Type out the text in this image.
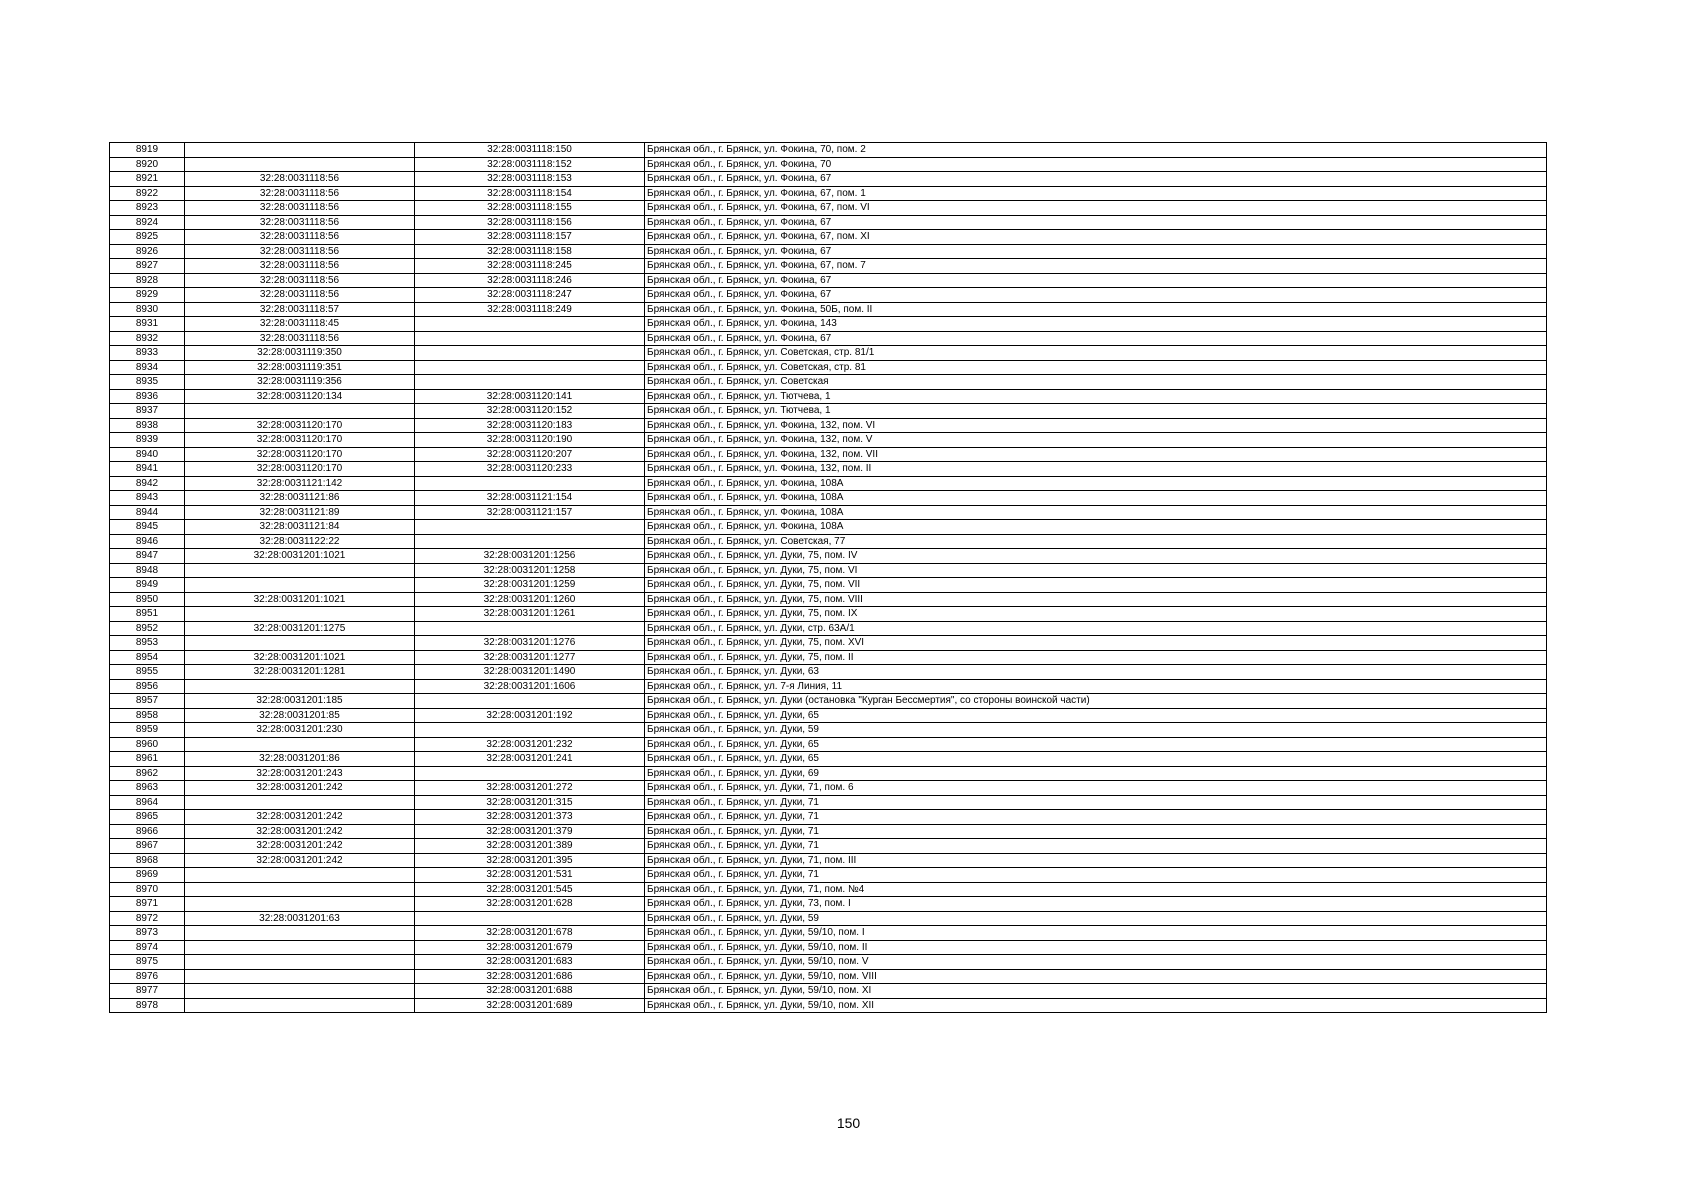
8919		32:28:0031118:150	Брянская обл., г. Брянск, ул. Фокина, 70, пом. 2
8920		32:28:0031118:152	Брянская обл., г. Брянск, ул. Фокина, 70
8921	32:28:0031118:56	32:28:0031118:153	Брянская обл., г. Брянск, ул. Фокина, 67
8922	32:28:0031118:56	32:28:0031118:154	Брянская обл., г. Брянск, ул. Фокина, 67, пом. 1
8923	32:28:0031118:56	32:28:0031118:155	Брянская обл., г. Брянск, ул. Фокина, 67, пом. VI
8924	32:28:0031118:56	32:28:0031118:156	Брянская обл., г. Брянск, ул. Фокина, 67
8925	32:28:0031118:56	32:28:0031118:157	Брянская обл., г. Брянск, ул. Фокина, 67, пом. XI
8926	32:28:0031118:56	32:28:0031118:158	Брянская обл., г. Брянск, ул. Фокина, 67
8927	32:28:0031118:56	32:28:0031118:245	Брянская обл., г. Брянск, ул. Фокина, 67, пом. 7
8928	32:28:0031118:56	32:28:0031118:246	Брянская обл., г. Брянск, ул. Фокина, 67
8929	32:28:0031118:56	32:28:0031118:247	Брянская обл., г. Брянск, ул. Фокина, 67
8930	32:28:0031118:57	32:28:0031118:249	Брянская обл., г. Брянск, ул. Фокина, 50Б, пом. II
8931	32:28:0031118:45		Брянская обл., г. Брянск, ул. Фокина, 143
8932	32:28:0031118:56		Брянская обл., г. Брянск, ул. Фокина, 67
8933	32:28:0031119:350		Брянская обл., г. Брянск, ул. Советская, стр. 81/1
8934	32:28:0031119:351		Брянская обл., г. Брянск, ул. Советская, стр. 81
8935	32:28:0031119:356		Брянская обл., г. Брянск, ул. Советская
8936	32:28:0031120:134	32:28:0031120:141	Брянская обл., г. Брянск, ул. Тютчева, 1
8937		32:28:0031120:152	Брянская обл., г. Брянск, ул. Тютчева, 1
8938	32:28:0031120:170	32:28:0031120:183	Брянская обл., г. Брянск, ул. Фокина, 132, пом. VI
8939	32:28:0031120:170	32:28:0031120:190	Брянская обл., г. Брянск, ул. Фокина, 132, пом. V
8940	32:28:0031120:170	32:28:0031120:207	Брянская обл., г. Брянск, ул. Фокина, 132, пом. VII
8941	32:28:0031120:170	32:28:0031120:233	Брянская обл., г. Брянск, ул. Фокина, 132, пом. II
8942	32:28:0031121:142		Брянская обл., г. Брянск, ул. Фокина, 108А
8943	32:28:0031121:86	32:28:0031121:154	Брянская обл., г. Брянск, ул. Фокина, 108А
8944	32:28:0031121:89	32:28:0031121:157	Брянская обл., г. Брянск, ул. Фокина, 108А
8945	32:28:0031121:84		Брянская обл., г. Брянск, ул. Фокина, 108А
8946	32:28:0031122:22		Брянская обл., г. Брянск, ул. Советская, 77
8947	32:28:0031201:1021	32:28:0031201:1256	Брянская обл., г. Брянск, ул. Дуки, 75, пом. IV
8948		32:28:0031201:1258	Брянская обл., г. Брянск, ул. Дуки, 75, пом. VI
8949		32:28:0031201:1259	Брянская обл., г. Брянск, ул. Дуки, 75, пом. VII
8950	32:28:0031201:1021	32:28:0031201:1260	Брянская обл., г. Брянск, ул. Дуки, 75, пом. VIII
8951		32:28:0031201:1261	Брянская обл., г. Брянск, ул. Дуки, 75, пом. IX
8952	32:28:0031201:1275		Брянская обл., г. Брянск, ул. Дуки, стр. 63А/1
8953		32:28:0031201:1276	Брянская обл., г. Брянск, ул. Дуки, 75, пом. XVI
8954	32:28:0031201:1021	32:28:0031201:1277	Брянская обл., г. Брянск, ул. Дуки, 75, пом. II
8955	32:28:0031201:1281	32:28:0031201:1490	Брянская обл., г. Брянск, ул. Дуки, 63
8956		32:28:0031201:1606	Брянская обл., г. Брянск, ул. 7-я Линия, 11
8957	32:28:0031201:185		Брянская обл., г. Брянск, ул. Дуки (остановка "Курган Бессмертия", со стороны воинской части)
8958	32:28:0031201:85	32:28:0031201:192	Брянская обл., г. Брянск, ул. Дуки, 65
8959	32:28:0031201:230		Брянская обл., г. Брянск, ул. Дуки, 59
8960		32:28:0031201:232	Брянская обл., г. Брянск, ул. Дуки, 65
8961	32:28:0031201:86	32:28:0031201:241	Брянская обл., г. Брянск, ул. Дуки, 65
8962	32:28:0031201:243		Брянская обл., г. Брянск, ул. Дуки, 69
8963	32:28:0031201:242	32:28:0031201:272	Брянская обл., г. Брянск, ул. Дуки, 71, пом. 6
8964		32:28:0031201:315	Брянская обл., г. Брянск, ул. Дуки, 71
8965	32:28:0031201:242	32:28:0031201:373	Брянская обл., г. Брянск, ул. Дуки, 71
8966	32:28:0031201:242	32:28:0031201:379	Брянская обл., г. Брянск, ул. Дуки, 71
8967	32:28:0031201:242	32:28:0031201:389	Брянская обл., г. Брянск, ул. Дуки, 71
8968	32:28:0031201:242	32:28:0031201:395	Брянская обл., г. Брянск, ул. Дуки, 71, пом. III
8969		32:28:0031201:531	Брянская обл., г. Брянск, ул. Дуки, 71
8970		32:28:0031201:545	Брянская обл., г. Брянск, ул. Дуки, 71, пом. №4
8971		32:28:0031201:628	Брянская обл., г. Брянск, ул. Дуки, 73, пом. I
8972	32:28:0031201:63		Брянская обл., г. Брянск, ул. Дуки, 59
8973		32:28:0031201:678	Брянская обл., г. Брянск, ул. Дуки, 59/10, пом. I
8974		32:28:0031201:679	Брянская обл., г. Брянск, ул. Дуки, 59/10, пом. II
8975		32:28:0031201:683	Брянская обл., г. Брянск, ул. Дуки, 59/10, пом. V
8976		32:28:0031201:686	Брянская обл., г. Брянск, ул. Дуки, 59/10, пом. VIII
8977		32:28:0031201:688	Брянская обл., г. Брянск, ул. Дуки, 59/10, пом. XI
8978		32:28:0031201:689	Брянская обл., г. Брянск, ул. Дуки, 59/10, пом. XII
150
